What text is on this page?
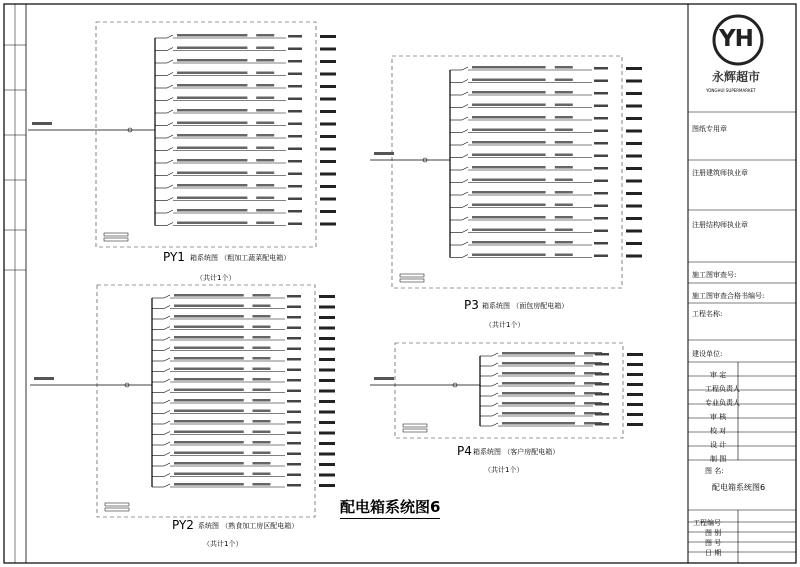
YH
永辉超市
YONGHUI SUPERMARKET
PY1 箱系统图 （粗加工蔬菜配电箱）
（共计1个）
P3 箱系统图 （面包房配电箱）
（共计1个）
PY2 系统图 （熟食加工房区配电箱）
（共计1个）
P4 箱系统图 （客户房配电箱）
（共计1个）
配电箱系统图6
图纸专用章
注册建筑师执业章
注册结构师执业章
施工图审查号:
施工图审查合格书编号:
工程名称:
建设单位:
审 定
工程负责人
专业负责人
审 核
校 对
设 计
制 图
图 名:
配电箱系统图6
工程编号
图 别
图 号
日 期
